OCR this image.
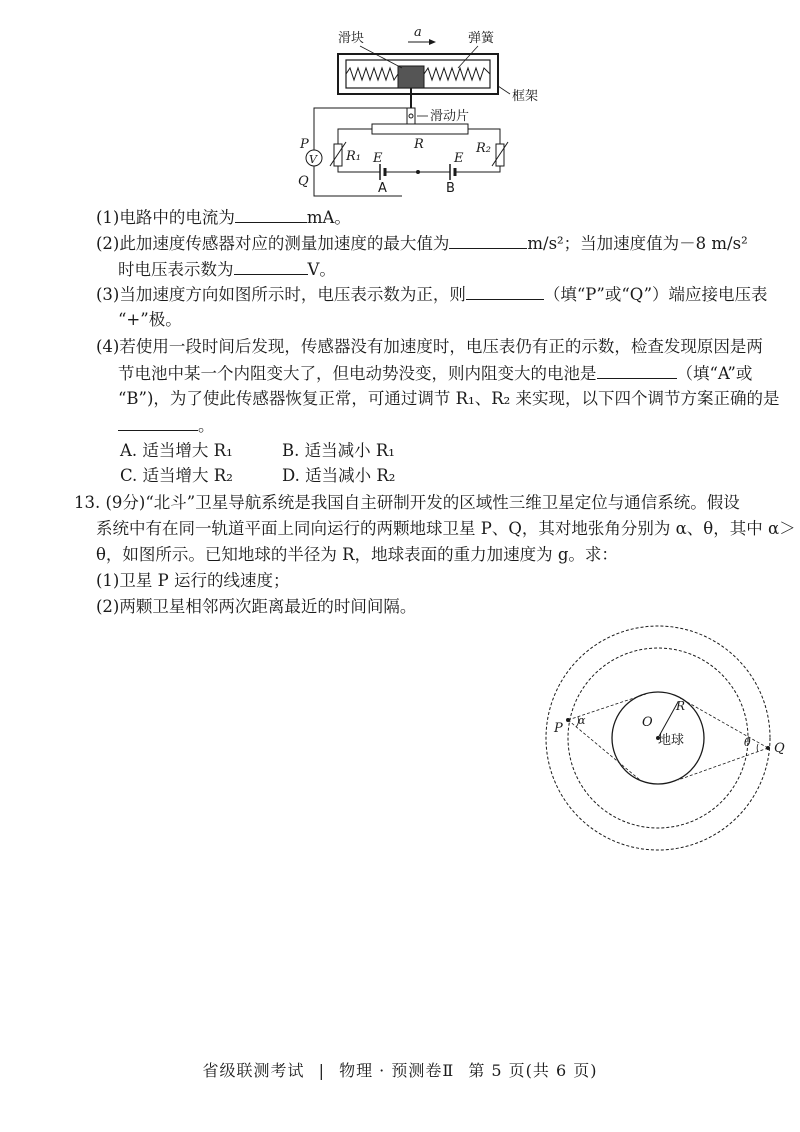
滑块	a	弹簧
框架
滑动片
P
V
Q
R₁
R	R₂
E	E
A	B
(1)电路中的电流为	mA。
(2)此加速度传感器对应的测量加速度的最大值为	m/s²；当加速度值为－8 m/s²
时电压表示数为	V。
(3)当加速度方向如图所示时，电压表示数为正，则	（填“P”或“Q”）端应接电压表
“+”极。
(4)若使用一段时间后发现，传感器没有加速度时，电压表仍有正的示数，检查发现原因是两
节电池中某一个内阻变大了，但电动势没变，则内阻变大的电池是	（填“A”或
“B”)，为了使此传感器恢复正常，可通过调节 R₁、R₂ 来实现，以下四个调节方案正确的是
。
A. 适当增大 R₁	B. 适当减小 R₁
C. 适当增大 R₂	D. 适当减小 R₂
13. (9分)“北斗”卫星导航系统是我国自主研制开发的区域性三维卫星定位与通信系统。假设
系统中有在同一轨道平面上同向运行的两颗地球卫星 P、Q，其对地张角分别为 α、θ，其中 α＞
θ，如图所示。已知地球的半径为 R，地球表面的重力加速度为 g。求：
(1)卫星 P 运行的线速度；
(2)两颗卫星相邻两次距离最近的时间间隔。
P
α	O
R
地球	θ Q
省级联测考试 | 物理 · 预测卷Ⅱ 第 5 页(共 6 页)
